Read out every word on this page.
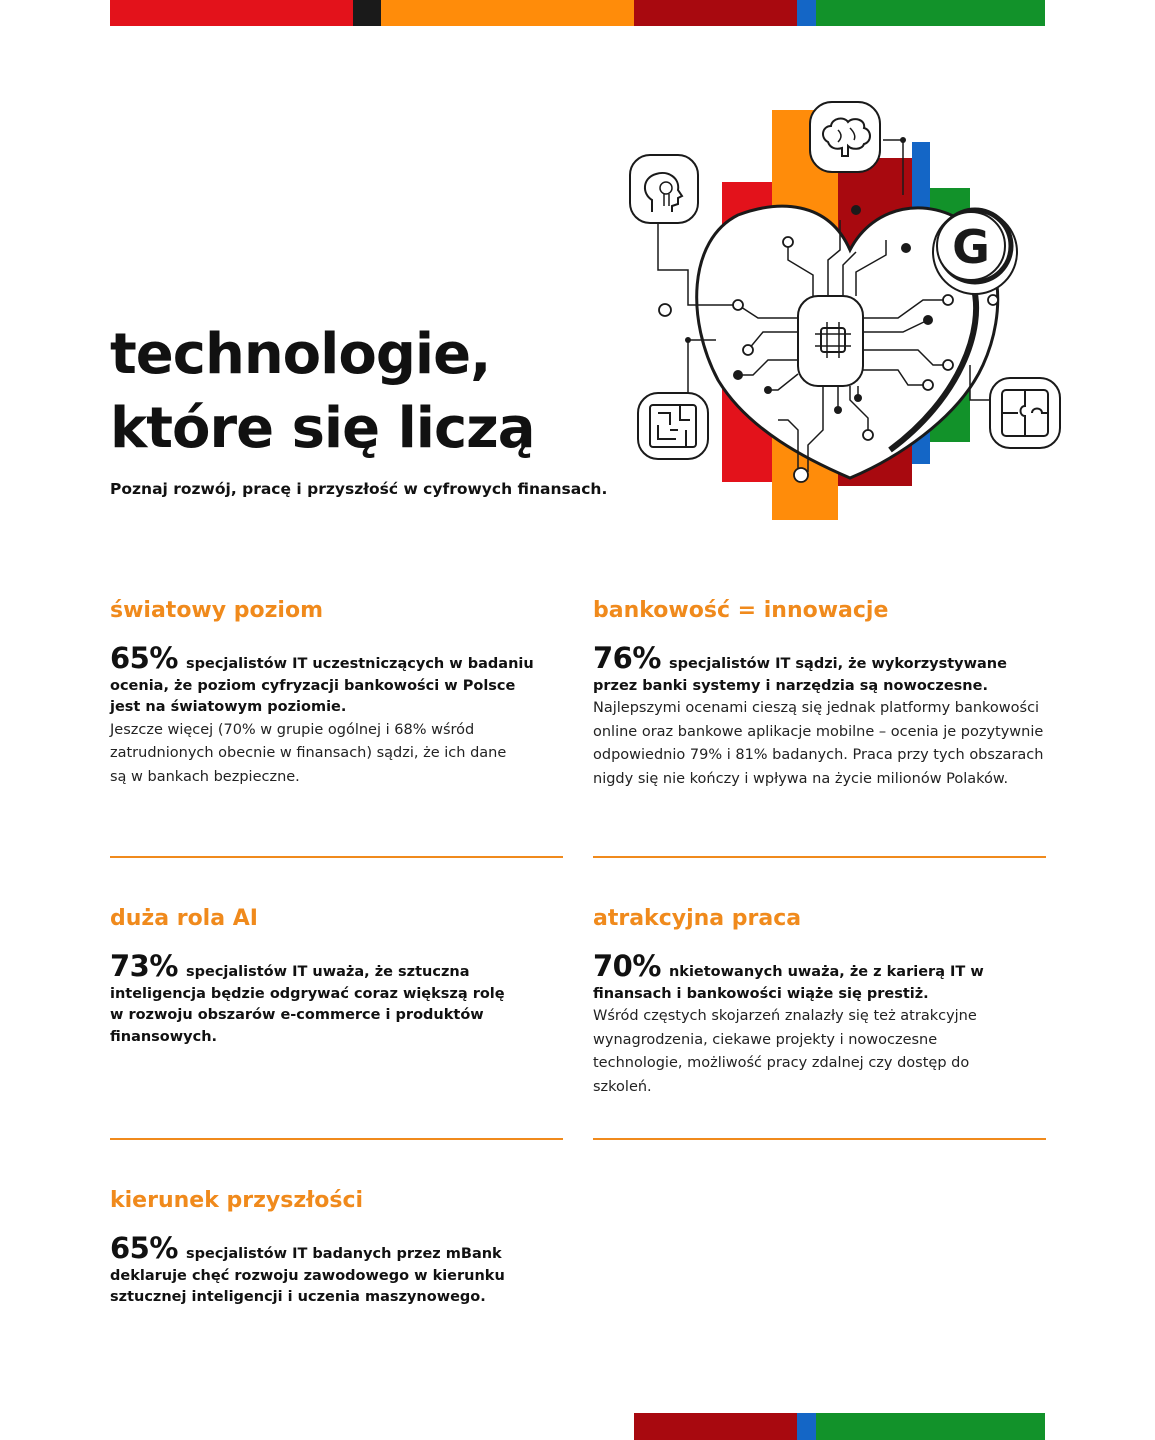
technologie,
które się liczą

Poznaj rozwój, pracę i przyszłość w cyfrowych finansach.

G
światowy poziom

65% specjalistów IT uczestniczących w badaniu ocenia, że poziom cyfryzacji bankowości w Polsce jest na światowym poziomie.

Jeszcze więcej (70% w grupie ogólnej i 68% wśród zatrudnionych obecnie w finansach) sądzi, że ich dane są w bankach bezpieczne.

bankowość = innowacje

76% specjalistów IT sądzi, że wykorzystywane przez banki systemy i narzędzia są nowoczesne.

Najlepszymi ocenami cieszą się jednak platformy bankowości online oraz bankowe aplikacje mobilne – ocenia je pozytywnie odpowiednio 79% i 81% badanych. Praca przy tych obszarach nigdy się nie kończy i wpływa na życie milionów Polaków.

duża rola AI

73% specjalistów IT uważa, że sztuczna inteligencja będzie odgrywać coraz większą rolę w rozwoju obszarów e-commerce i produktów finansowych.

atrakcyjna praca

70% nkietowanych uważa, że z karierą IT w finansach i bankowości wiąże się prestiż.

Wśród częstych skojarzeń znalazły się też atrakcyjne wynagrodzenia, ciekawe projekty i nowoczesne technologie, możliwość pracy zdalnej czy dostęp do szkoleń.

kierunek przyszłości

65% specjalistów IT badanych przez mBank deklaruje chęć rozwoju zawodowego w kierunku sztucznej inteligencji i uczenia maszynowego.
